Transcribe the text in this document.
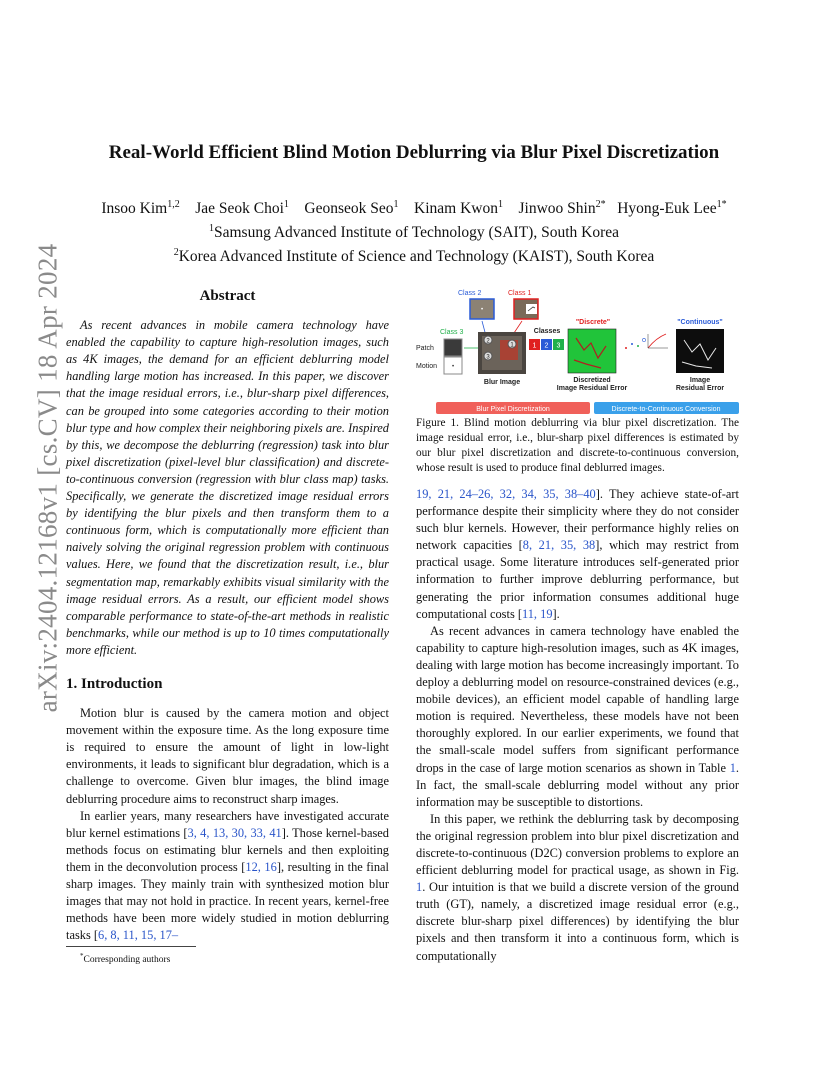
arXiv:2404.12168v1 [cs.CV] 18 Apr 2024
Real-World Efficient Blind Motion Deblurring via Blur Pixel Discretization
Insoo Kim$^{1,2}$ Jae Seok Choi$^1$ Geonseok Seo$^1$ Kinam Kwon$^1$ Jinwoo Shin$^{2*}$ Hyong-Euk Lee$^{1*}$
$^1$Samsung Advanced Institute of Technology (SAIT), South Korea
$^2$Korea Advanced Institute of Science and Technology (KAIST), South Korea
Abstract

As recent advances in mobile camera technology have enabled the capability to capture high-resolution images, such as 4K images, the demand for an efficient deblurring model handling large motion has increased. In this paper, we discover that the image residual errors, i.e., blur-sharp pixel differences, can be grouped into some categories according to their motion blur type and how complex their neighboring pixels are. Inspired by this, we decompose the deblurring (regression) task into blur pixel discretization (pixel-level blur classification) and discrete-to-continuous conversion (regression with blur class map) tasks. Specifically, we generate the discretized image residual errors by identifying the blur pixels and then transform them to a continuous form, which is computationally more efficient than naively solving the original regression problem with continuous values. Here, we found that the discretization result, i.e., blur segmentation map, remarkably exhibits visual similarity with the image residual errors. As a result, our efficient model shows comparable performance to state-of-the-art methods in realistic benchmarks, while our method is up to 10 times computationally more efficient.

1. Introduction

Motion blur is caused by the camera motion and object movement within the exposure time. As the long exposure time is required to ensure the amount of light in low-light environments, it leads to significant blur degradation, which is a challenge to overcome. Given blur images, the blind image deblurring procedure aims to reconstruct sharp images.

In earlier years, many researchers have investigated accurate blur kernel estimations [3, 4, 13, 30, 33, 41]. Those kernel-based methods focus on estimating blur kernels and then exploiting them in the deconvolution process [12, 16], resulting in the final sharp images. They mainly train with synthesized motion blur images that may not hold in practice. In recent years, kernel-free methods have been more widely studied in motion deblurring tasks [6, 8, 11, 15, 17–

*Corresponding authors
Class 2	Class 1
•
Class 3
•
Patch
Motion
2
3
1
Blur Image
Classes
1 2 3
"Discrete"
Discretized
Image Residual Error
"Continuous"
Image
Residual Error
Blur Pixel Discretization	Discrete-to-Continuous Conversion

Figure 1. Blind motion deblurring via blur pixel discretization. The image residual error, i.e., blur-sharp pixel differences is estimated by our blur pixel discretization and discrete-to-continuous conversion, whose result is used to produce final deblurred images.

19, 21, 24–26, 32, 34, 35, 38–40]. They achieve state-of-art performance despite their simplicity where they do not consider such blur kernels. However, their performance highly relies on network capacities [8, 21, 35, 38], which may restrict from practical usage. Some literature introduces self-generated prior information to further improve deblurring performance, but generating the prior information consumes additional huge computational costs [11, 19].

As recent advances in camera technology have enabled the capability to capture high-resolution images, such as 4K images, dealing with large motion has become increasingly important. To deploy a deblurring model on resource-constrained devices (e.g., mobile devices), an efficient model capable of handling large motion is required. Nevertheless, these models have not been thoroughly explored. In our earlier experiments, we found that the small-scale model suffers from significant performance drops in the case of large motion scenarios as shown in Table 1. In fact, the small-scale deblurring model without any prior information may be susceptible to distortions.

In this paper, we rethink the deblurring task by decomposing the original regression problem into blur pixel discretization and discrete-to-continuous (D2C) conversion problems to explore an efficient deblurring model for practical usage, as shown in Fig. 1. Our intuition is that we build a discrete version of the ground truth (GT), namely, a discretized image residual error (e.g., discrete blur-sharp pixel differences) by identifying the blur pixels and then transform it into a continuous form, which is computationally
